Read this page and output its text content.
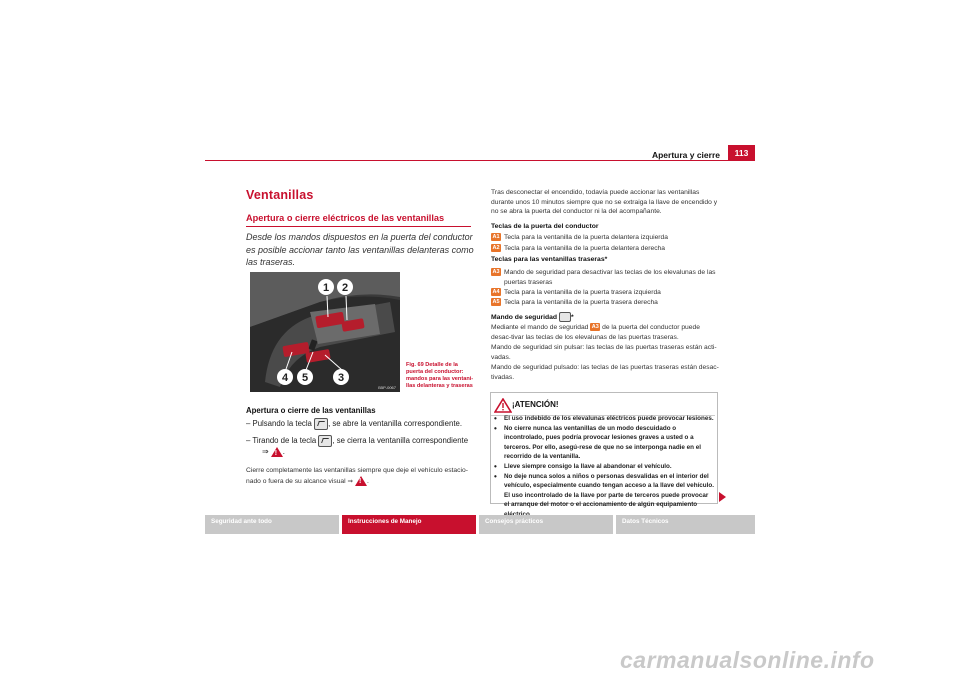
Apertura y cierre	113
Ventanillas
Apertura o cierre eléctricos de las ventanillas
Desde los mandos dispuestos en la puerta del conductor es posible accionar tanto las ventanillas delanteras como las traseras.
1 2
3
4 5
B5P-0067
Fig. 69 Detalle de la puerta del conductor: mandos para las ventani-llas delanteras y traseras
Apertura o cierre de las ventanillas
– Pulsando la tecla , se abre la ventanilla correspondiente.
– Tirando de la tecla , se cierra la ventanilla correspondiente
⇒ ! .
Cierre completamente las ventanillas siempre que deje el vehículo estacio-nado o fuera de su alcance visual ⇒ ! .
Tras desconectar el encendido, todavía puede accionar las ventanillas durante unos 10 minutos siempre que no se extraiga la llave de encendido y no se abra la puerta del conductor ni la del acompañante.
Teclas de la puerta del conductor
A1 Tecla para la ventanilla de la puerta delantera izquierda
A2 Tecla para la ventanilla de la puerta delantera derecha
Teclas para las ventanillas traseras*
A3 Mando de seguridad para desactivar las teclas de los elevalunas de las puertas traseras
A4 Tecla para la ventanilla de la puerta trasera izquierda
A5 Tecla para la ventanilla de la puerta trasera derecha
Mando de seguridad *
Mediante el mando de seguridad A3 de la puerta del conductor puede desac-tivar las teclas de los elevalunas de las puertas traseras.
Mando de seguridad sin pulsar: las teclas de las puertas traseras están acti-vadas.
Mando de seguridad pulsado: las teclas de las puertas traseras están desac-tivadas.
¡ATENCIÓN!
• El uso indebido de los elevalunas eléctricos puede provocar lesiones.
• No cierre nunca las ventanillas de un modo descuidado o incontrolado, pues podría provocar lesiones graves a usted o a terceros. Por ello, asegú-rese de que no se interponga nadie en el recorrido de la ventanilla.
• Lleve siempre consigo la llave al abandonar el vehículo.
• No deje nunca solos a niños o personas desvalidas en el interior del vehículo, especialmente cuando tengan acceso a la llave del vehículo. El uso incontrolado de la llave por parte de terceros puede provocar el arranque del motor o el accionamiento de algún equipamiento
Seguridad ante todo	Instrucciones de Manejo	Consejos prácticos	Datos Técnicos
carmanualsonline.info
